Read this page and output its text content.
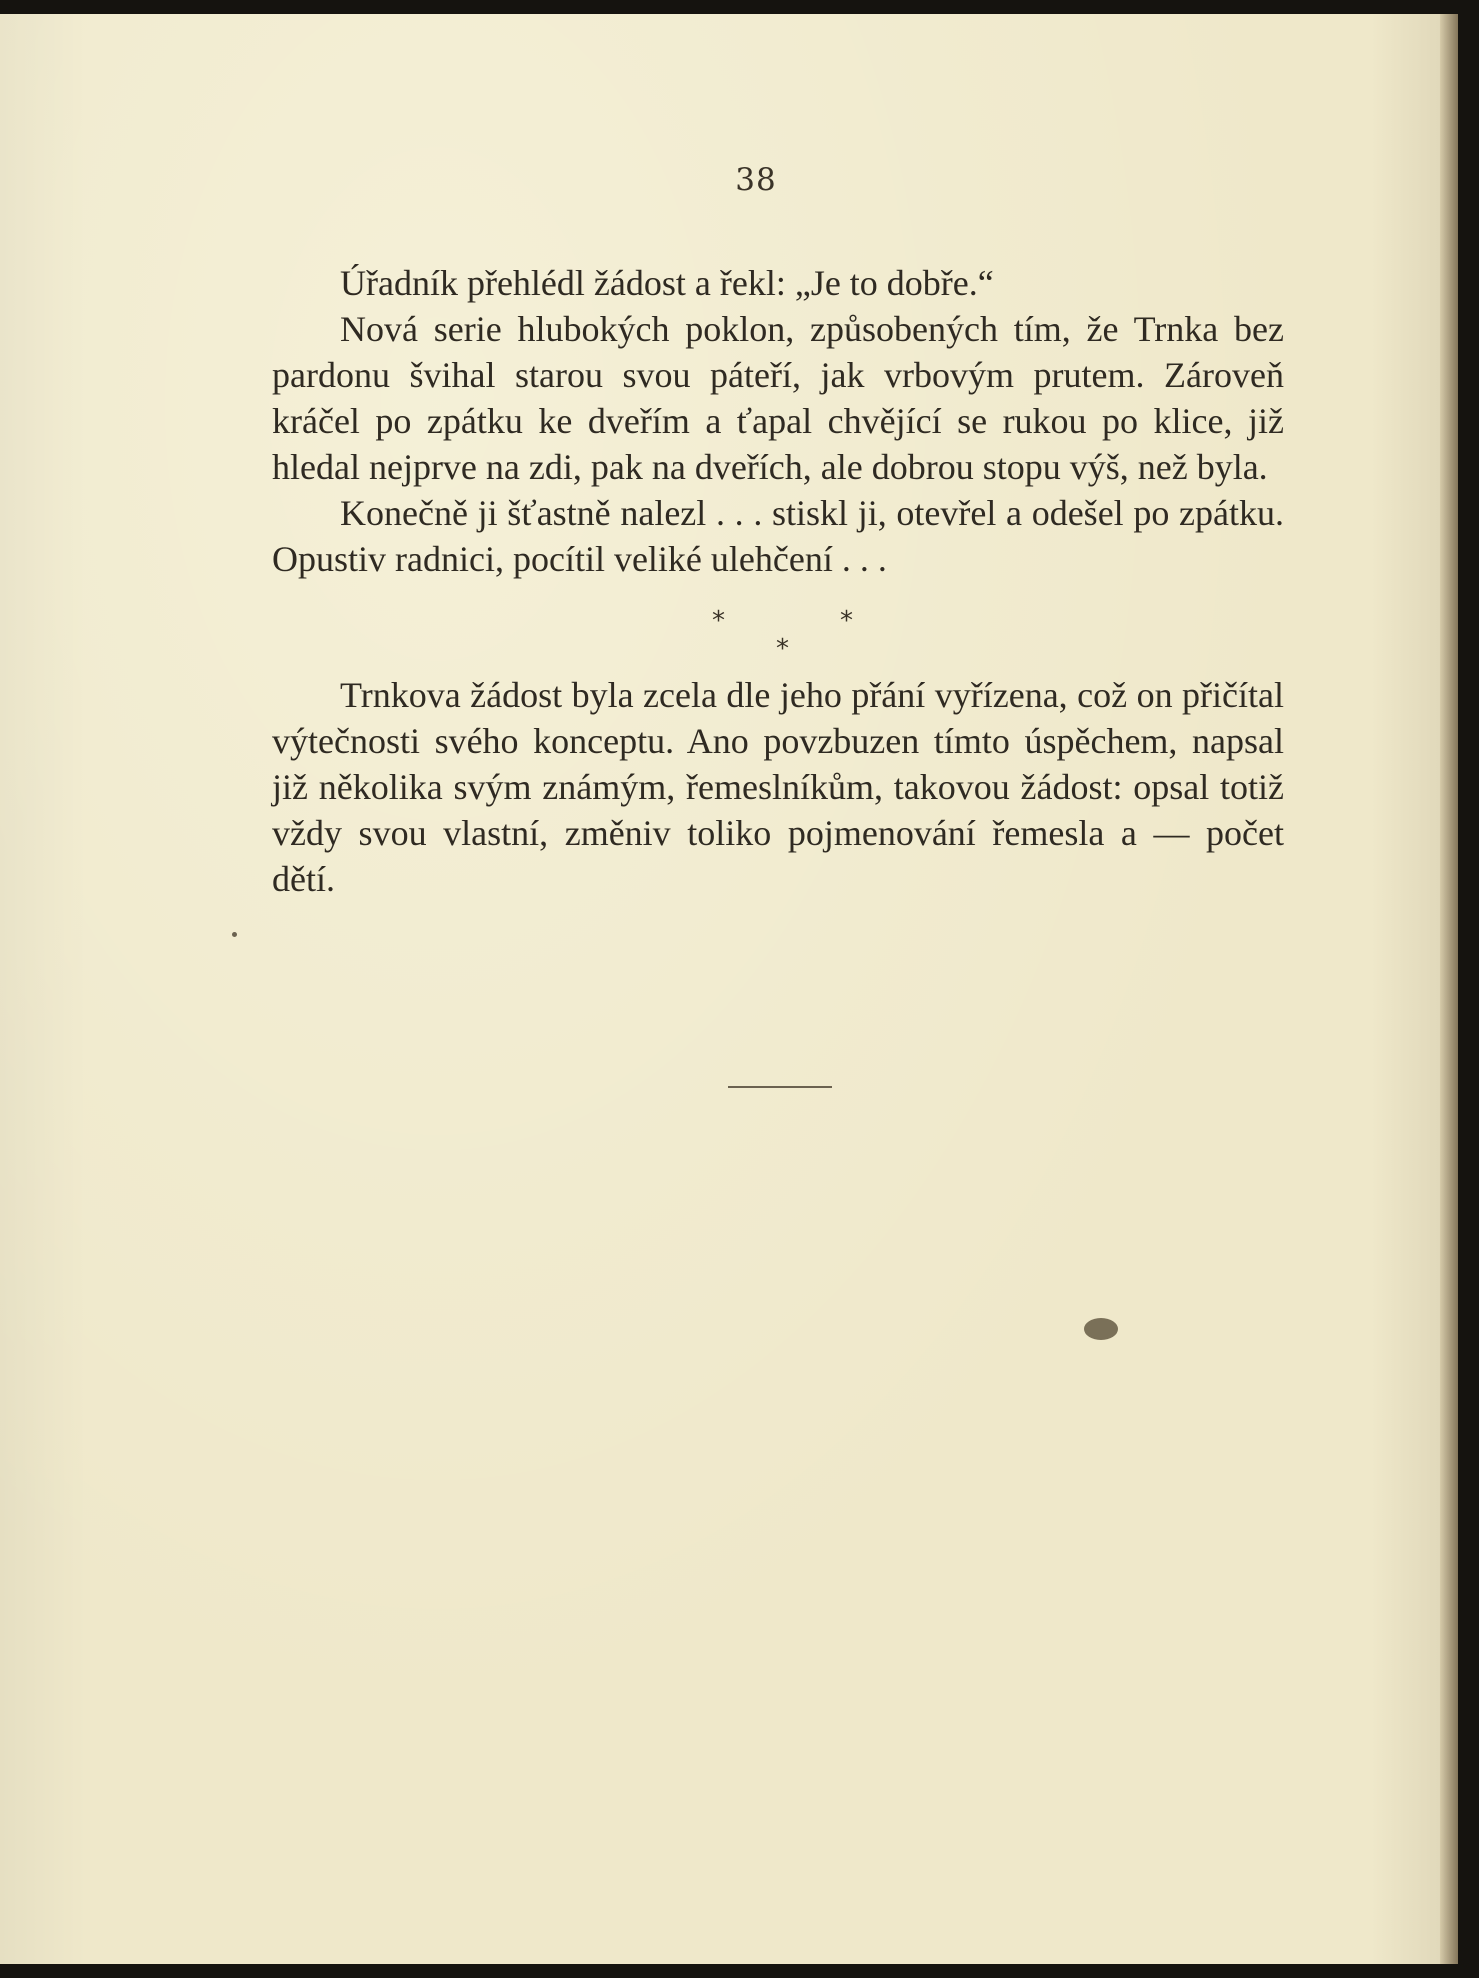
38

Úřadník přehlédl žádost a řekl: „Je to dobře.“

Nová serie hlubokých poklon, způsobených tím, že Trnka bez pardonu švihal starou svou páteří, jak vrbovým prutem. Zároveň kráčel po zpátku ke dveřím a ťapal chvějící se rukou po klice, již hledal nejprve na zdi, pak na dveřích, ale dobrou stopu výš, než byla.

Konečně ji šťastně nalezl . . . stiskl ji, otevřel a odešel po zpátku. Opustiv radnici, pocítil veliké ulehčení . . .

*	*
*

Trnkova žádost byla zcela dle jeho přání vyřízena, což on přičítal výtečnosti svého konceptu. Ano povzbuzen tímto úspěchem, napsal již několika svým známým, řemeslníkům, takovou žádost: opsal totiž vždy svou vlastní, změniv toliko pojmenování řemesla a — počet dětí.
